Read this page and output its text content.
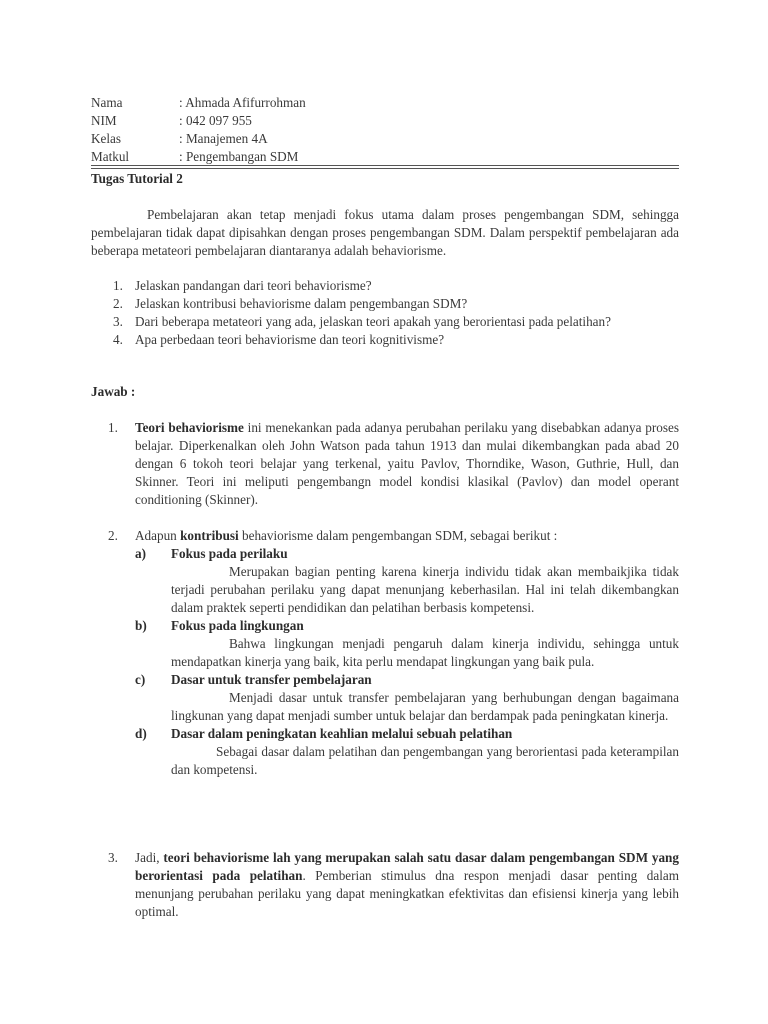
Nama	: Ahmada Afifurrohman
NIM	: 042 097 955
Kelas	: Manajemen 4A
Matkul	: Pengembangan SDM
Tugas Tutorial 2

Pembelajaran akan tetap menjadi fokus utama dalam proses pengembangan SDM, sehingga pembelajaran tidak dapat dipisahkan dengan proses pengembangan SDM. Dalam perspektif pembelajaran ada beberapa metateori pembelajaran diantaranya adalah behaviorisme.

1. Jelaskan pandangan dari teori behaviorisme?
2. Jelaskan kontribusi behaviorisme dalam pengembangan SDM?
3. Dari beberapa metateori yang ada, jelaskan teori apakah yang berorientasi pada pelatihan?
4. Apa perbedaan teori behaviorisme dan teori kognitivisme?
Jawab :
1.	Teori behaviorisme ini menekankan pada adanya perubahan perilaku yang disebabkan adanya proses belajar. Diperkenalkan oleh John Watson pada tahun 1913 dan mulai dikembangkan pada abad 20 dengan 6 tokoh teori belajar yang terkenal, yaitu Pavlov, Thorndike, Wason, Guthrie, Hull, dan Skinner. Teori ini meliputi pengembangn model kondisi klasikal (Pavlov) dan model operant conditioning (Skinner).
2.	Adapun kontribusi behaviorisme dalam pengembangan SDM, sebagai berikut :
a)	Fokus pada perilaku
Merupakan bagian penting karena kinerja individu tidak akan membaikjika tidak terjadi perubahan perilaku yang dapat menunjang keberhasilan. Hal ini telah dikembangkan dalam praktek seperti pendidikan dan pelatihan berbasis kompetensi.
b)	Fokus pada lingkungan
Bahwa lingkungan menjadi pengaruh dalam kinerja individu, sehingga untuk mendapatkan kinerja yang baik, kita perlu mendapat lingkungan yang baik pula.
c)	Dasar untuk transfer pembelajaran
Menjadi dasar untuk transfer pembelajaran yang berhubungan dengan bagaimana lingkunan yang dapat menjadi sumber untuk belajar dan berdampak pada peningkatan kinerja.
d)	Dasar dalam peningkatan keahlian melalui sebuah pelatihan
Sebagai dasar dalam pelatihan dan pengembangan yang berorientasi pada keterampilan dan kompetensi.
3.	Jadi, teori behaviorisme lah yang merupakan salah satu dasar dalam pengembangan SDM yang berorientasi pada pelatihan. Pemberian stimulus dna respon menjadi dasar penting dalam menunjang perubahan perilaku yang dapat meningkatkan efektivitas dan efisiensi kinerja yang lebih optimal.
